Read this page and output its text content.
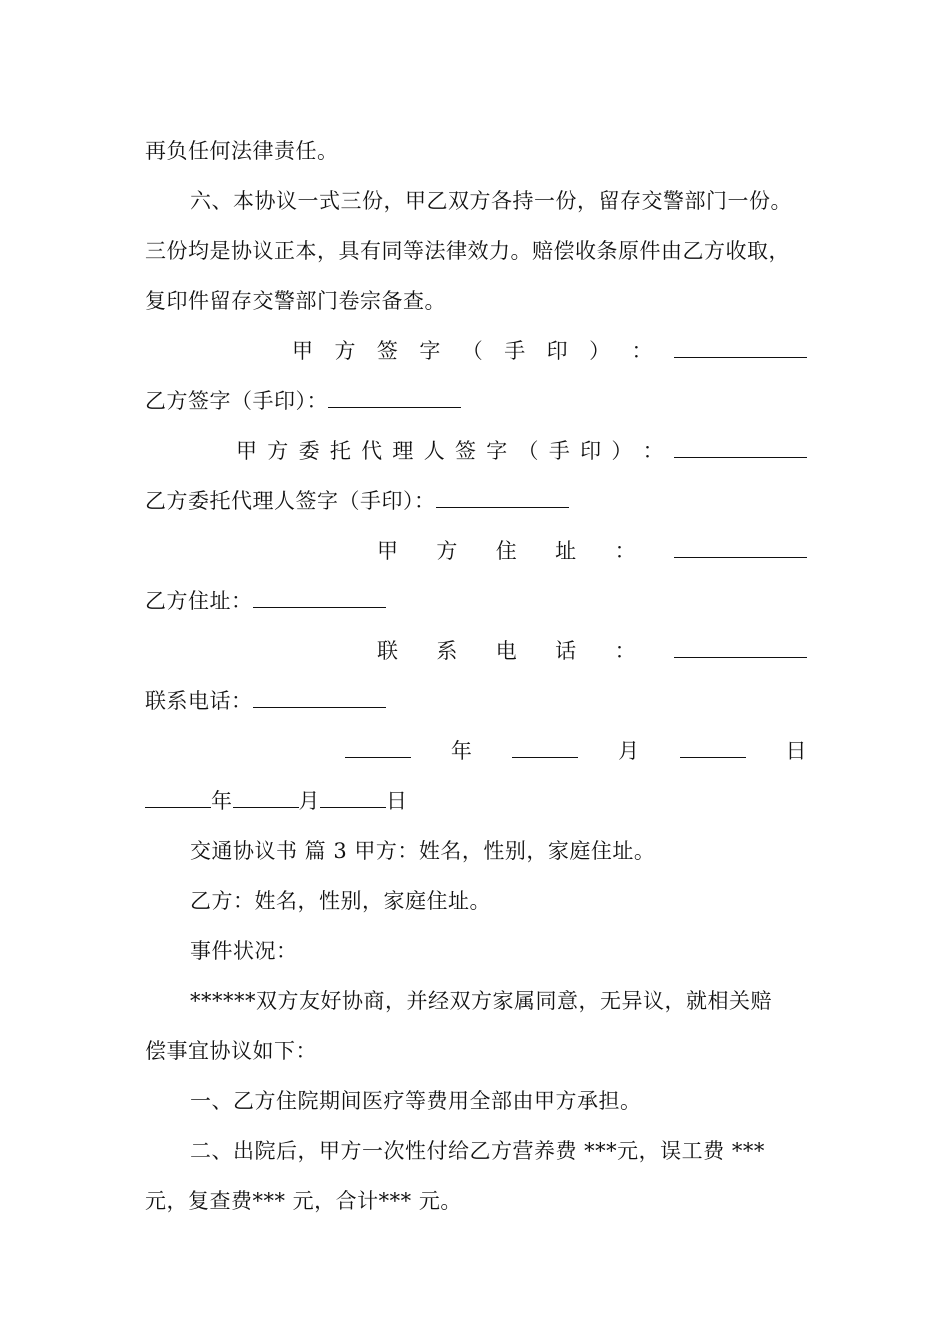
再负任何法律责任。
六、本协议一式三份，甲乙双方各持一份，留存交警部门一份。
三份均是协议正本，具有同等法律效力。赔偿收条原件由乙方收取，
复印件留存交警部门卷宗备查。
甲 方 签 字 （ 手 印 ） ：
乙方签字（手印）：
甲 方 委 托 代 理 人 签 字 （ 手 印 ） ：
乙方委托代理人签字（手印）：
甲 方 住 址 ：
乙方住址：
联 系 电 话 ：
联系电话：
年	月	日
年	月	日
交通协议书 篇 3 甲方：姓名，性别，家庭住址。
乙方：姓名，性别，家庭住址。
事件状况：
******双方友好协商，并经双方家属同意，无异议，就相关赔
偿事宜协议如下：
一、乙方住院期间医疗等费用全部由甲方承担。
二、出院后，甲方一次性付给乙方营养费 ***元，误工费 ***
元，复查费*** 元，合计*** 元。
